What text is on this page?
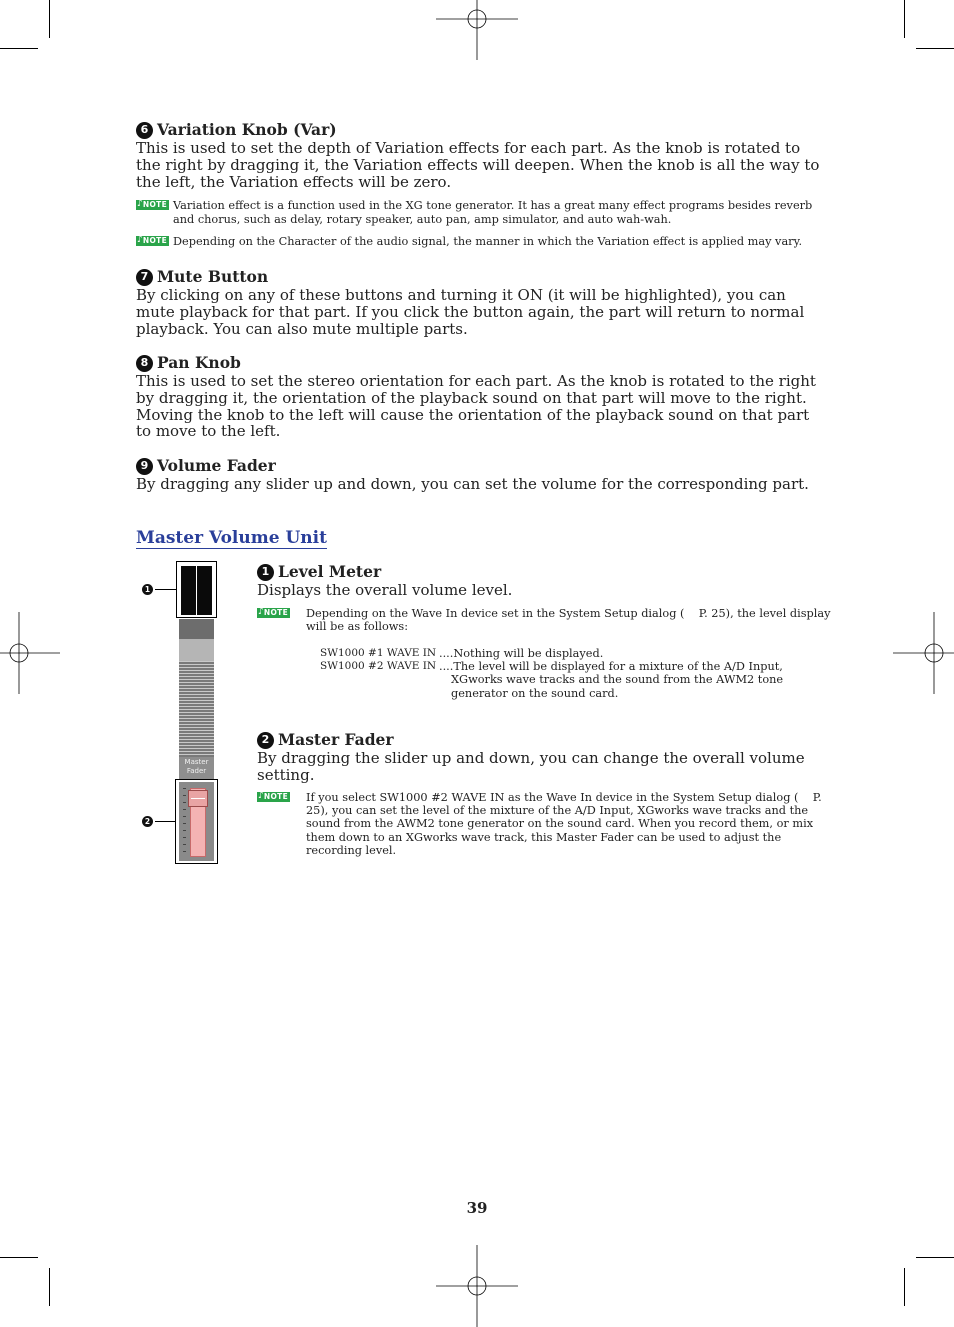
6 Variation Knob (Var)

This is used to set the depth of Variation effects for each part. As the knob is rotated to the right by dragging it, the Variation effects will deepen. When the knob is all the way to the left, the Variation effects will be zero.

♪ NOTE Variation effect is a function used in the XG tone generator. It has a great many effect programs besides reverb and chorus, such as delay, rotary speaker, auto pan, amp simulator, and auto wah-wah.
♪ NOTE Depending on the Character of the audio signal, the manner in which the Variation effect is applied may vary.
7 Mute Button

By clicking on any of these buttons and turning it ON (it will be highlighted), you can mute playback for that part. If you click the button again, the part will return to normal playback. You can also mute multiple parts.

8 Pan Knob

This is used to set the stereo orientation for each part. As the knob is rotated to the right by dragging it, the orientation of the playback sound on that part will move to the right. Moving the knob to the left will cause the orientation of the playback sound on that part to move to the left.

9 Volume Fader

By dragging any slider up and down, you can set the volume for the corresponding part.

Master Volume Unit
Master
Fader
1
2
1 Level Meter

Displays the overall volume level.

♪ NOTE Depending on the Wave In device set in the System Setup dialog (    P. 25), the level display will be as follows:
SW1000 #1 WAVE IN ....Nothing will be displayed.
SW1000 #2 WAVE IN ....The level will be displayed for a mixture of the A/D Input, XGworks wave tracks and the sound from the AWM2 tone generator on the sound card.
2 Master Fader

By dragging the slider up and down, you can change the overall volume setting.

♪ NOTE If you select SW1000 #2 WAVE IN as the Wave In device in the System Setup dialog (    P. 25), you can set the level of the mixture of the A/D Input, XGworks wave tracks and the sound from the AWM2 tone generator on the sound card. When you record them, or mix them down to an XGworks wave track, this Master Fader can be used to adjust the recording level.
39
